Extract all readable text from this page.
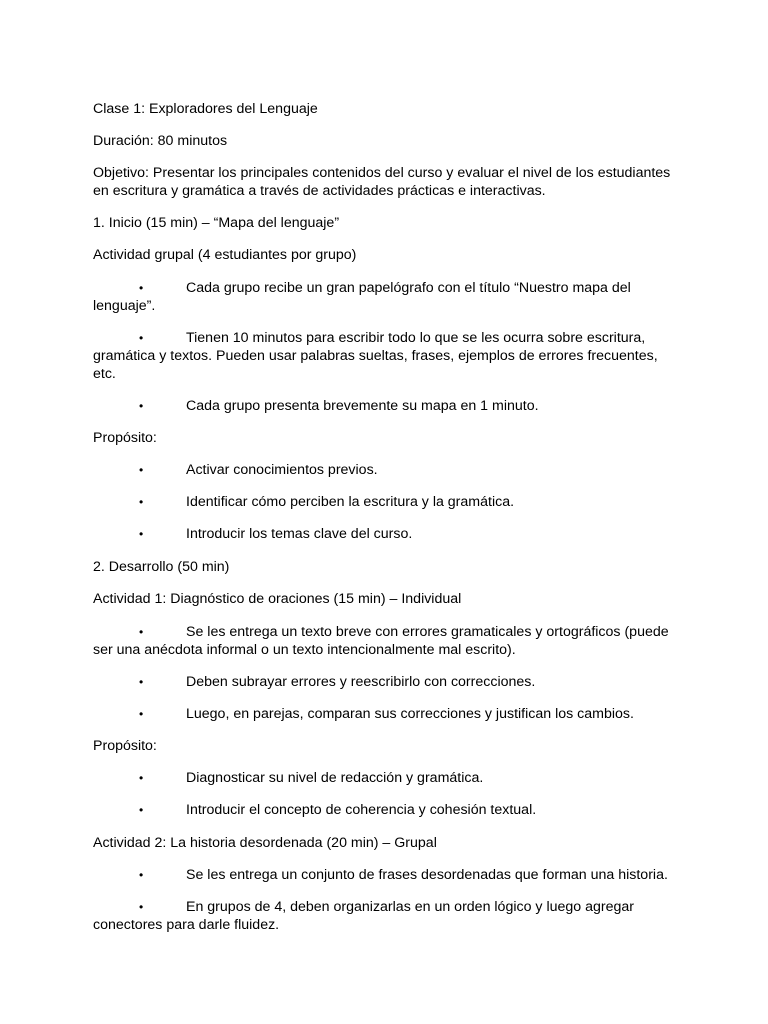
Clase 1: Exploradores del Lenguaje
Duración: 80 minutos
Objetivo: Presentar los principales contenidos del curso y evaluar el nivel de los estudiantes en escritura y gramática a través de actividades prácticas e interactivas.
1. Inicio (15 min) – “Mapa del lenguaje”
Actividad grupal (4 estudiantes por grupo)
•	Cada grupo recibe un gran papelógrafo con el título “Nuestro mapa del lenguaje”.
•	Tienen 10 minutos para escribir todo lo que se les ocurra sobre escritura, gramática y textos. Pueden usar palabras sueltas, frases, ejemplos de errores frecuentes, etc.
•	Cada grupo presenta brevemente su mapa en 1 minuto.
Propósito:
•	Activar conocimientos previos.
•	Identificar cómo perciben la escritura y la gramática.
•	Introducir los temas clave del curso.
2. Desarrollo (50 min)
Actividad 1: Diagnóstico de oraciones (15 min) – Individual
•	Se les entrega un texto breve con errores gramaticales y ortográficos (puede ser una anécdota informal o un texto intencionalmente mal escrito).
•	Deben subrayar errores y reescribirlo con correcciones.
•	Luego, en parejas, comparan sus correcciones y justifican los cambios.
Propósito:
•	Diagnosticar su nivel de redacción y gramática.
•	Introducir el concepto de coherencia y cohesión textual.
Actividad 2: La historia desordenada (20 min) – Grupal
•	Se les entrega un conjunto de frases desordenadas que forman una historia.
•	En grupos de 4, deben organizarlas en un orden lógico y luego agregar conectores para darle fluidez.
